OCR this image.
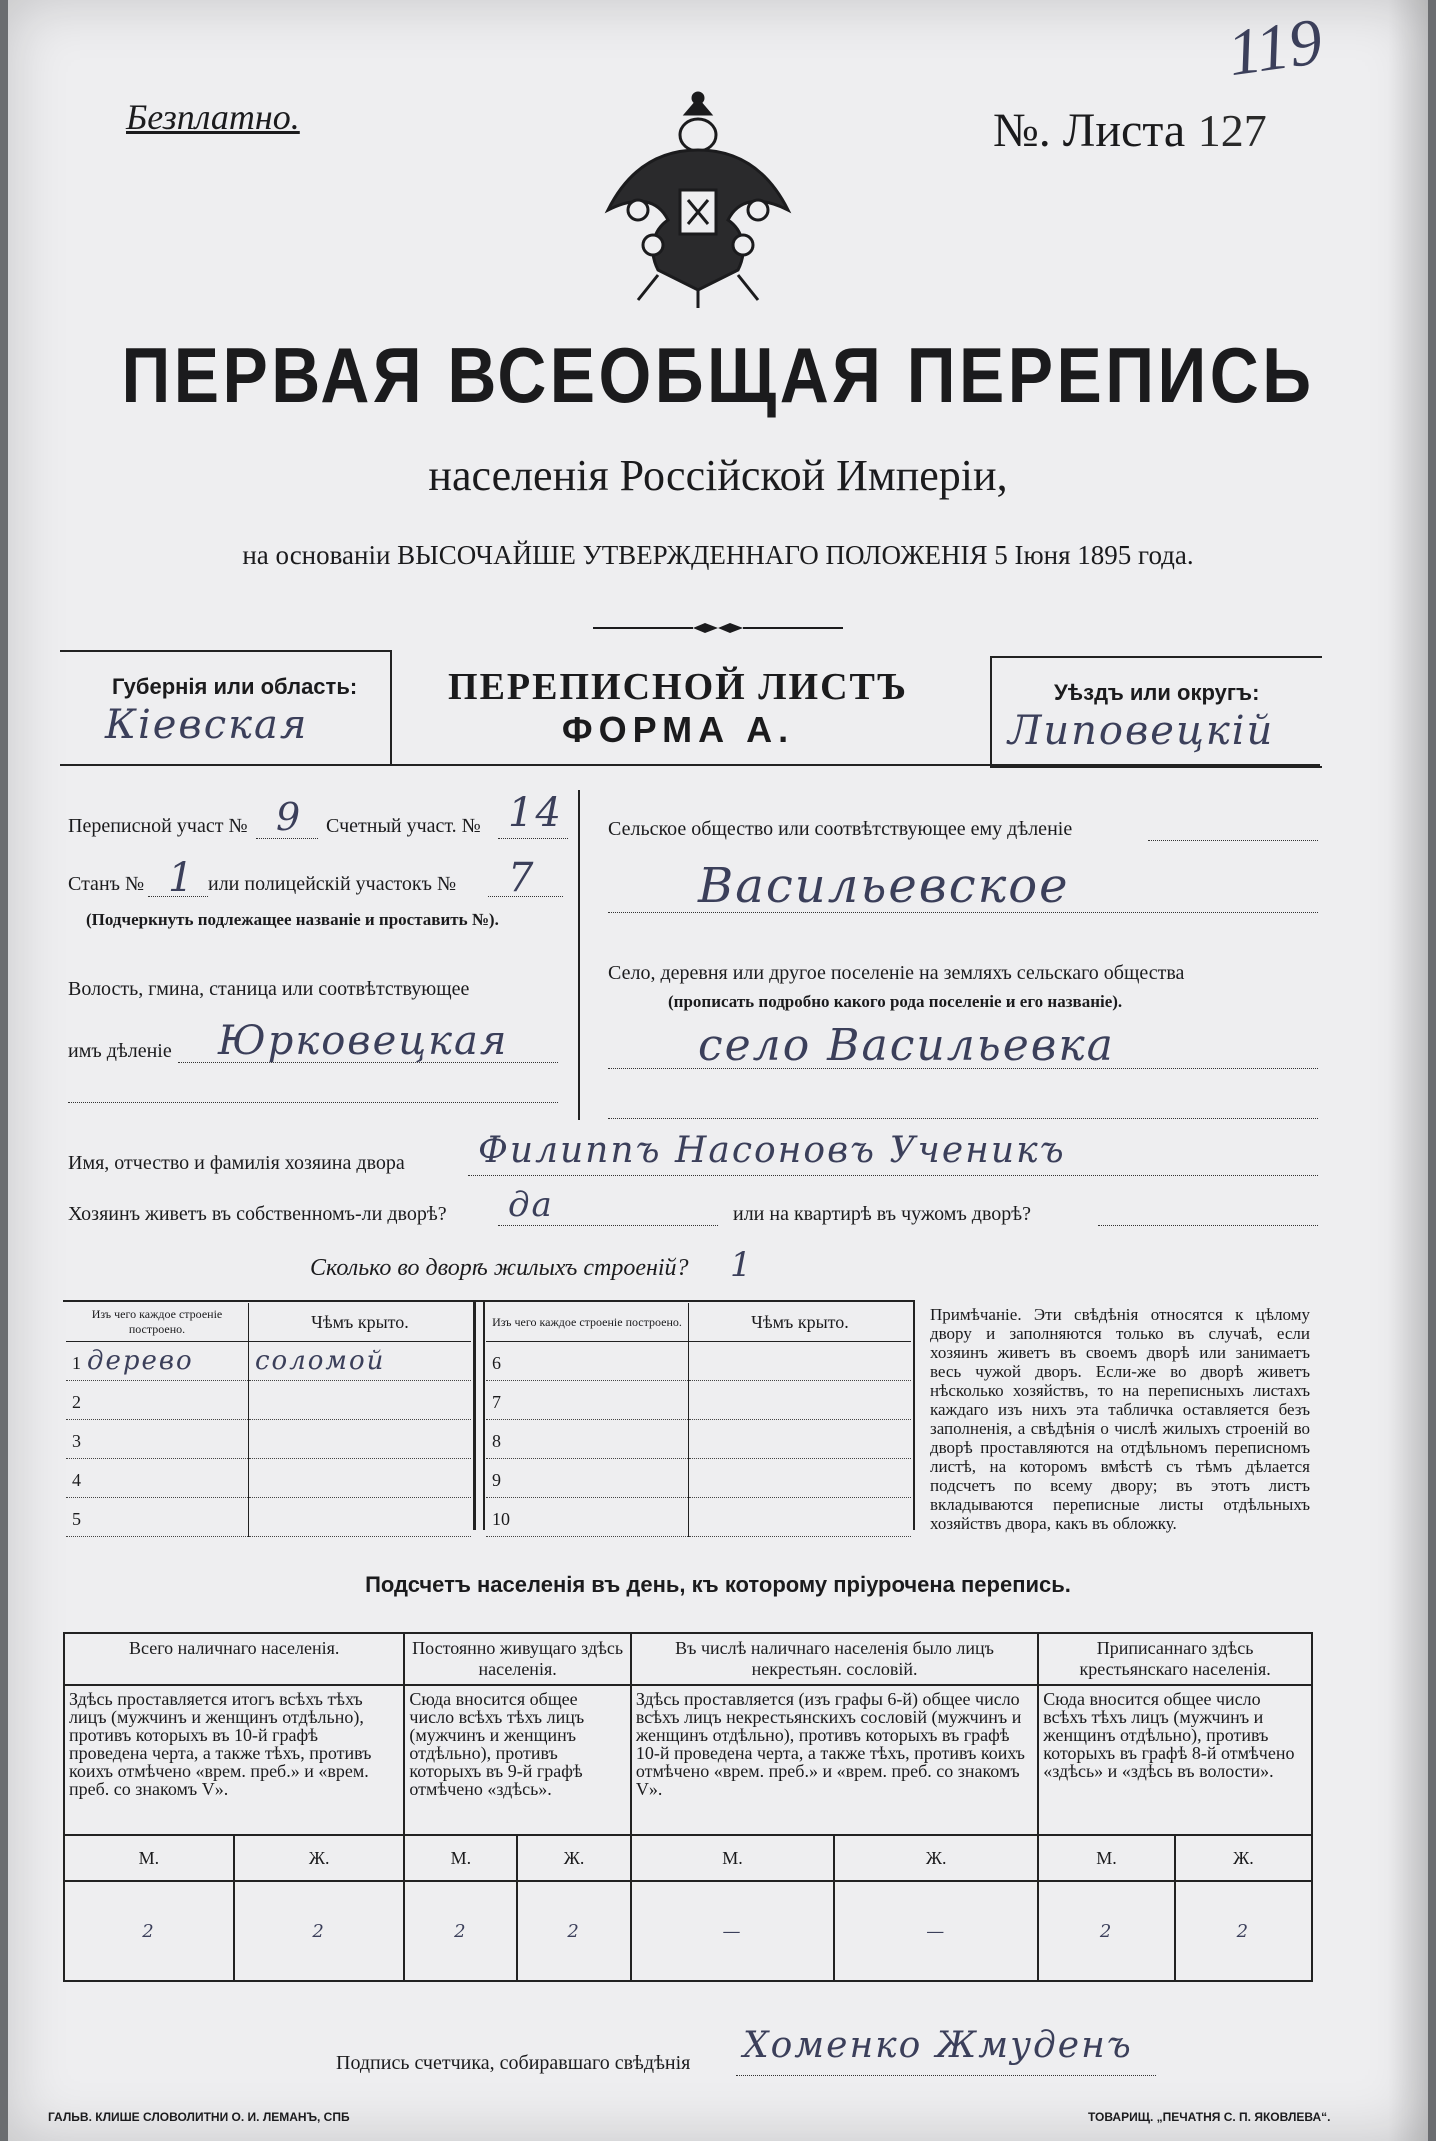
Безплатно.	№. Листа 127
119
ПЕРВАЯ ВСЕОБЩАЯ ПЕРЕПИСЬ
населенія Россійской Имперіи,
на основаніи ВЫСОЧАЙШЕ УТВЕРЖДЕННАГО ПОЛОЖЕНІЯ 5 Іюня 1895 года.
Губернія или область:
Кіевская
ПЕРЕПИСНОЙ ЛИСТЪ
ФОРМА А.
Уѣздъ или округъ:
Липовецкій
Переписной участ № 9 Счетный участ. № 14
Станъ № 1 или полицейскій участокъ № 7
(Подчеркнуть подлежащее названіе и проставить №).
Волость, гмина, станица или соотвѣтствующее
имъ дѣленіе Юрковецкая
Сельское общество или соотвѣтствующее ему дѣленіе
Васильевское
Село, деревня или другое поселеніе на земляхъ сельскаго общества
(прописать подробно какого рода поселеніе и его названіе).
село Васильевка
Имя, отчество и фамилія хозяина двора Филиппъ Насоновъ Ученикъ
Хозяинъ живетъ въ собственномъ-ли дворѣ? да	или на квартирѣ въ чужомъ дворѣ?
Сколько во дворѣ жилыхъ строеній? 1
Изъ чего каждое строеніе построено.	Чѣмъ крыто.
1 дерево	соломой
2	
3	
4	
5	
Изъ чего каждое строеніе построено.	Чѣмъ крыто.
6	
7	
8	
9	
10	
Примѣчаніе. Эти свѣдѣнія относятся к цѣлому двору и заполняются только въ случаѣ, если хозяинъ живетъ въ своемъ дворѣ или занимаетъ весь чужой дворъ. Если-же во дворѣ живетъ нѣсколько хозяйствъ, то на переписныхъ листахъ каждаго изъ нихъ эта табличка оставляется безъ заполненія, а свѣдѣнія о числѣ жилыхъ строеній во дворѣ проставляются на отдѣльномъ переписномъ листѣ, на которомъ вмѣстѣ съ тѣмъ дѣлается подсчетъ по всему двору; въ этотъ листъ вкладываются переписные листы отдѣльныхъ хозяйствъ двора, какъ въ обложку.
Подсчетъ населенія въ день, къ которому пріурочена перепись.
Всего наличнаго населенія.		Постоянно живущаго здѣсь населенія.		Въ числѣ наличнаго населенія было лицъ некрестьян. сословій.		Приписаннаго здѣсь крестьянскаго населенія.	
Здѣсь проставляется итогъ всѣхъ тѣхъ лицъ (мужчинъ и женщинъ отдѣльно), противъ которыхъ въ 10-й графѣ проведена черта, а также тѣхъ, противъ коихъ отмѣчено «врем. преб.» и «врем. преб. со знакомъ V».		Сюда вносится общее число всѣхъ тѣхъ лицъ (мужчинъ и женщинъ отдѣльно), противъ которыхъ въ 9-й графѣ отмѣчено «здѣсь».		Здѣсь проставляется (изъ графы 6-й) общее число всѣхъ лицъ некрестьянскихъ сословій (мужчинъ и женщинъ отдѣльно), противъ которыхъ въ графѣ 10-й проведена черта, а также тѣхъ, противъ коихъ отмѣчено «врем. преб.» и «врем. преб. со знакомъ V».		Сюда вносится общее число всѣхъ тѣхъ лицъ (мужчинъ и женщинъ отдѣльно), противъ которыхъ въ графѣ 8-й отмѣчено «здѣсь» и «здѣсь въ волости».	
М.	Ж.	М.	Ж.	М.	Ж.	М.	Ж.
2	2	2	2	—	—	2	2
Подпись счетчика, собиравшаго свѣдѣнія Хоменко Жмуденъ
ГАЛЬВ. КЛИШЕ СЛОВОЛИТНИ О. И. ЛЕМАНЪ, СПБ	ТОВАРИЩ. „ПЕЧАТНЯ С. П. ЯКОВЛЕВА“.
